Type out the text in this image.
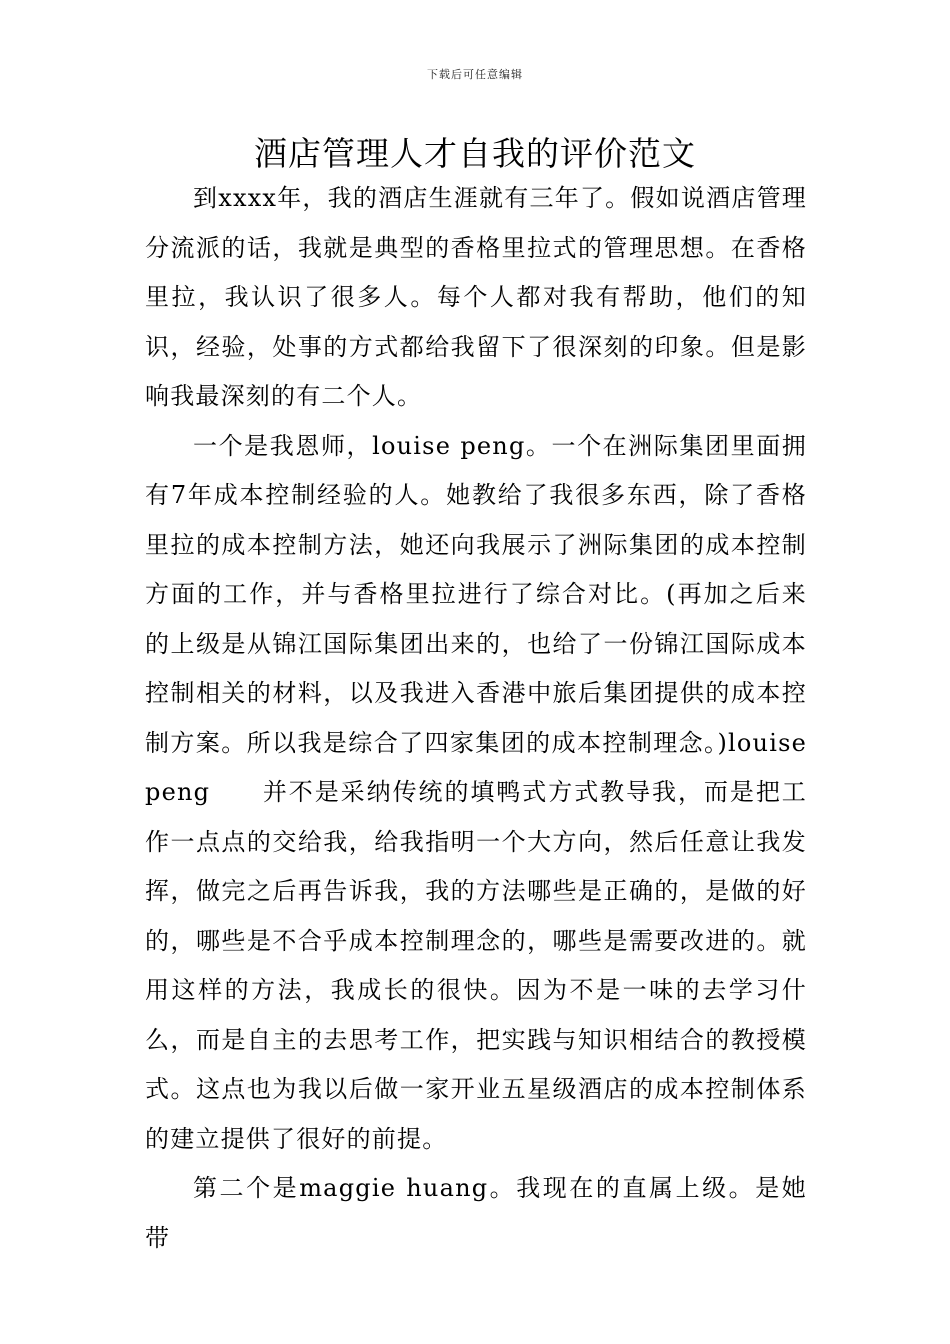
下载后可任意编辑
酒店管理人才自我的评价范文

到xxxx年，我的酒店生涯就有三年了。假如说酒店管理分流派的话，我就是典型的香格里拉式的管理思想。在香格里拉，我认识了很多人。每个人都对我有帮助，他们的知识，经验，处事的方式都给我留下了很深刻的印象。但是影响我最深刻的有二个人。

一个是我恩师，louise peng。一个在洲际集团里面拥有7年成本控制经验的人。她教给了我很多东西，除了香格里拉的成本控制方法，她还向我展示了洲际集团的成本控制方面的工作，并与香格里拉进行了综合对比。(再加之后来的上级是从锦江国际集团出来的，也给了一份锦江国际成本控制相关的材料，以及我进入香港中旅后集团提供的成本控制方案。所以我是综合了四家集团的成本控制理念。)louise　　peng　　并不是采纳传统的填鸭式方式教导我，而是把工作一点点的交给我，给我指明一个大方向，然后任意让我发挥，做完之后再告诉我，我的方法哪些是正确的，是做的好的，哪些是不合乎成本控制理念的，哪些是需要改进的。就用这样的方法，我成长的很快。因为不是一味的去学习什么，而是自主的去思考工作，把实践与知识相结合的教授模式。这点也为我以后做一家开业五星级酒店的成本控制体系的建立提供了很好的前提。

第二个是maggie huang。我现在的直属上级。是她带
